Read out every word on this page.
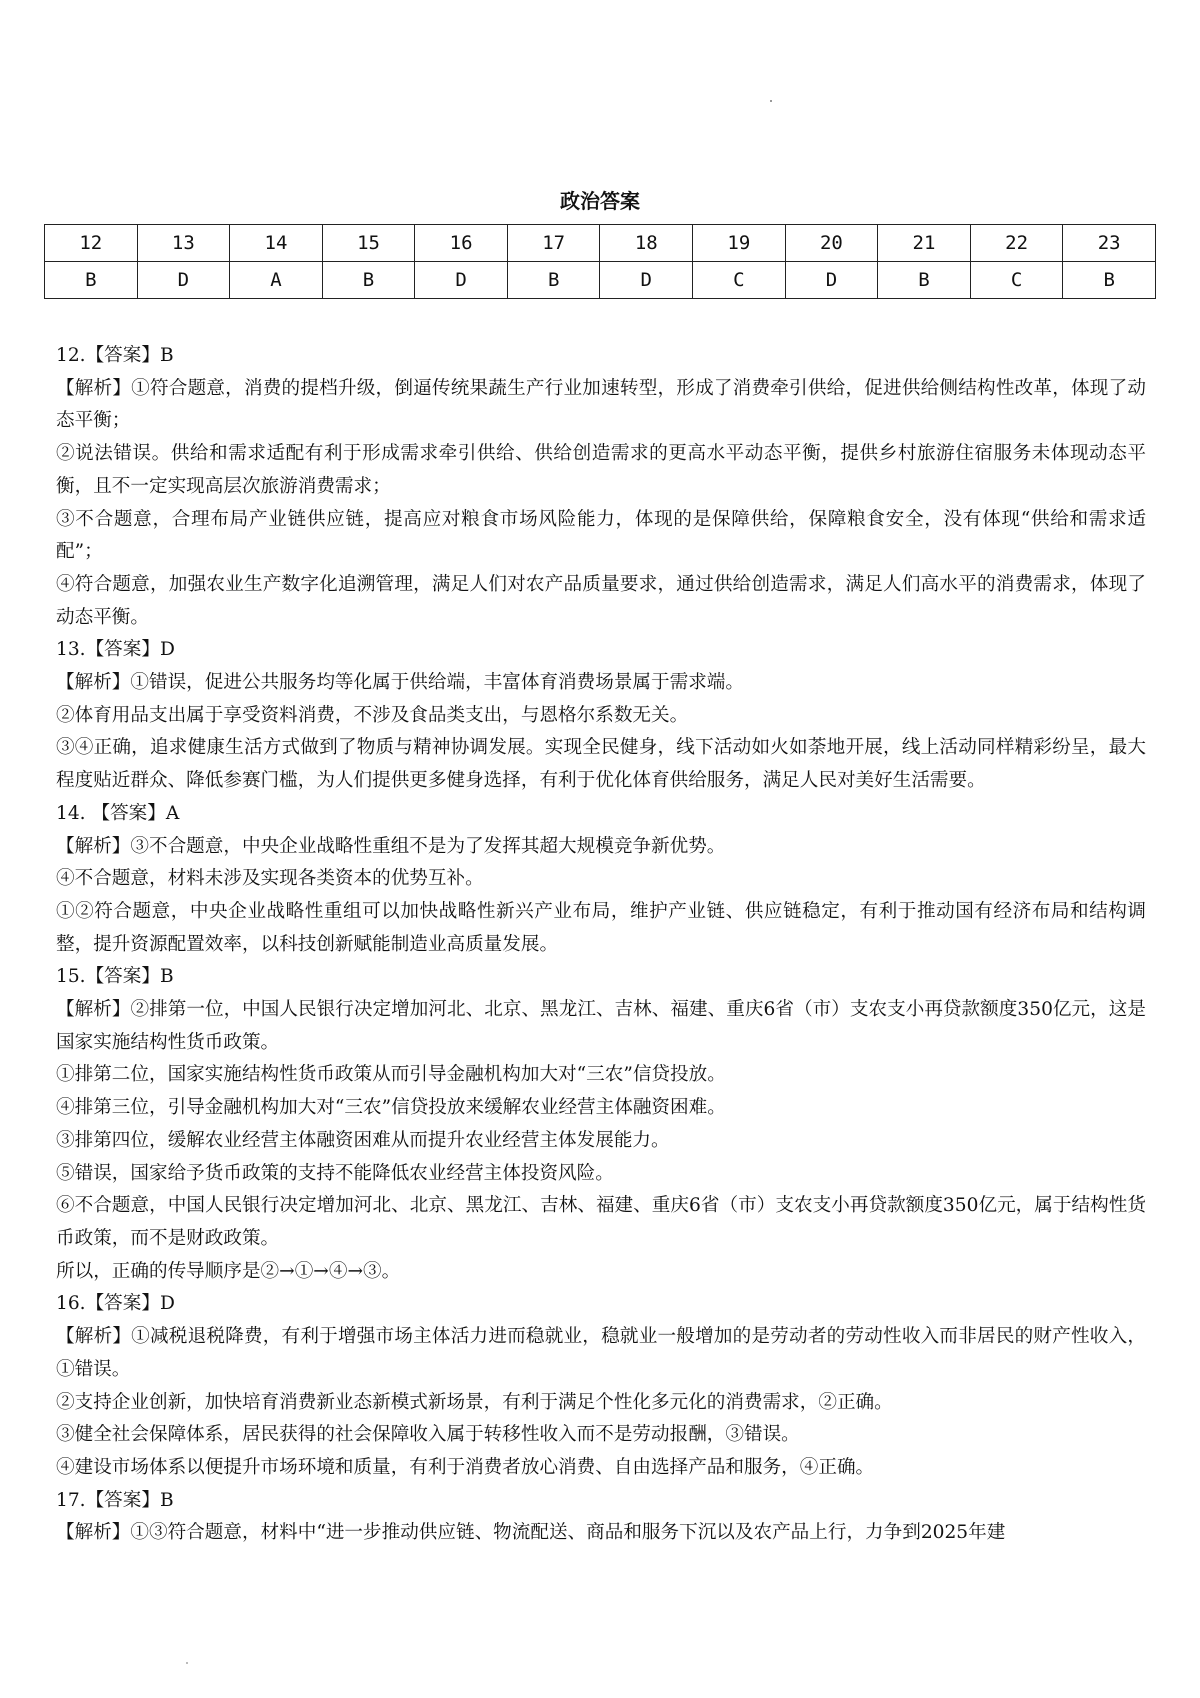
政治答案
12	13	14	15	16	17	18	19	20	21	22	23
B	D	A	B	D	B	D	C	D	B	C	B

12.【答案】B

【解析】①符合题意，消费的提档升级，倒逼传统果蔬生产行业加速转型，形成了消费牵引供给，促进供给侧结构性改革，体现了动态平衡；

②说法错误。供给和需求适配有利于形成需求牵引供给、供给创造需求的更高水平动态平衡，提供乡村旅游住宿服务未体现动态平衡，且不一定实现高层次旅游消费需求；

③不合题意，合理布局产业链供应链，提高应对粮食市场风险能力，体现的是保障供给，保障粮食安全，没有体现“供给和需求适配”；

④符合题意，加强农业生产数字化追溯管理，满足人们对农产品质量要求，通过供给创造需求，满足人们高水平的消费需求，体现了动态平衡。

13.【答案】D

【解析】①错误，促进公共服务均等化属于供给端，丰富体育消费场景属于需求端。

②体育用品支出属于享受资料消费，不涉及食品类支出，与恩格尔系数无关。

③④正确，追求健康生活方式做到了物质与精神协调发展。实现全民健身，线下活动如火如荼地开展，线上活动同样精彩纷呈，最大程度贴近群众、降低参赛门槛，为人们提供更多健身选择，有利于优化体育供给服务，满足人民对美好生活需要。

14. 【答案】A

【解析】③不合题意，中央企业战略性重组不是为了发挥其超大规模竞争新优势。

④不合题意，材料未涉及实现各类资本的优势互补。

①②符合题意，中央企业战略性重组可以加快战略性新兴产业布局，维护产业链、供应链稳定，有利于推动国有经济布局和结构调整，提升资源配置效率，以科技创新赋能制造业高质量发展。

15.【答案】B

【解析】②排第一位，中国人民银行决定增加河北、北京、黑龙江、吉林、福建、重庆6省（市）支农支小再贷款额度350亿元，这是国家实施结构性货币政策。

①排第二位，国家实施结构性货币政策从而引导金融机构加大对“三农”信贷投放。

④排第三位，引导金融机构加大对“三农”信贷投放来缓解农业经营主体融资困难。

③排第四位，缓解农业经营主体融资困难从而提升农业经营主体发展能力。

⑤错误，国家给予货币政策的支持不能降低农业经营主体投资风险。

⑥不合题意，中国人民银行决定增加河北、北京、黑龙江、吉林、福建、重庆6省（市）支农支小再贷款额度350亿元，属于结构性货币政策，而不是财政政策。

所以，正确的传导顺序是②→①→④→③。

16.【答案】D

【解析】①减税退税降费，有利于增强市场主体活力进而稳就业，稳就业一般增加的是劳动者的劳动性收入而非居民的财产性收入，①错误。

②支持企业创新，加快培育消费新业态新模式新场景，有利于满足个性化多元化的消费需求，②正确。

③健全社会保障体系，居民获得的社会保障收入属于转移性收入而不是劳动报酬，③错误。

④建设市场体系以便提升市场环境和质量，有利于消费者放心消费、自由选择产品和服务，④正确。

17.【答案】B

【解析】①③符合题意，材料中“进一步推动供应链、物流配送、商品和服务下沉以及农产品上行，力争到2025年建
